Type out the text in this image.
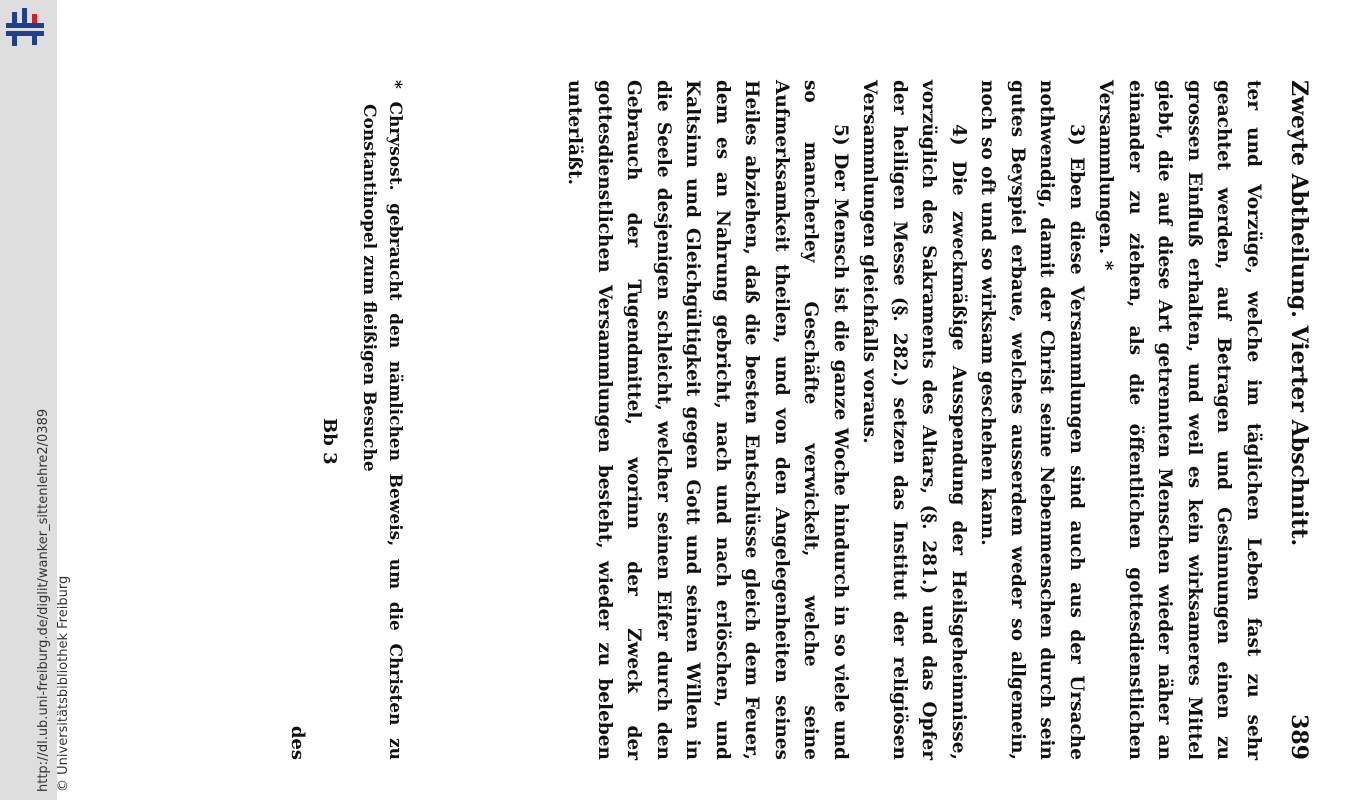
http://dl.ub.uni-freiburg.de/diglit/wanker_sittenlehre2/0389 © Universitätsbibliothek Freiburg
Zweyte Abtheilung. Vierter Abschnitt.
389

ter und Vorzüge, welche im täglichen Leben fast zu sehr geachtet werden, auf Betragen und Gesinnungen einen zu grossen Einfluß erhalten, und weil es kein wirksameres Mittel giebt, die auf diese Art getrennten Menschen wieder näher an einander zu ziehen, als die öffentlichen gottesdienstlichen Versammlungen. *

3) Eben diese Versammlungen sind auch aus der Ursache nothwendig, damit der Christ seine Nebenmenschen durch sein gutes Beyspiel erbaue, welches ausserdem weder so allgemein, noch so oft und so wirksam geschehen kann.

4) Die zweckmäßige Ausspendung der Heilsgeheimnisse, vorzüglich des Sakraments des Altars, (§. 281.) und das Opfer der heiligen Messe (§. 282.) setzen das Institut der religiösen Versammlungen gleichfalls voraus.

5) Der Mensch ist die ganze Woche hindurch in so viele und so mancherley Geschäfte verwickelt, welche seine Aufmerksamkeit theilen, und von den Angelegenheiten seines Heiles abziehen, daß die besten Entschlüsse gleich dem Feuer, dem es an Nahrung gebricht, nach und nach erlöschen, und Kaltsinn und Gleichgültigkeit gegen Gott und seinen Willen in die Seele desjenigen schleicht, welcher seinen Eifer durch den Gebrauch der Tugendmittel, worinn der Zweck der gottesdienstlichen Versammlungen besteht, wieder zu beleben unterläßt.

* Chrysost. gebraucht den nämlichen Beweis, um die Christen zu Constantinopel zum fleißigen Besuche
Bb 3
des
